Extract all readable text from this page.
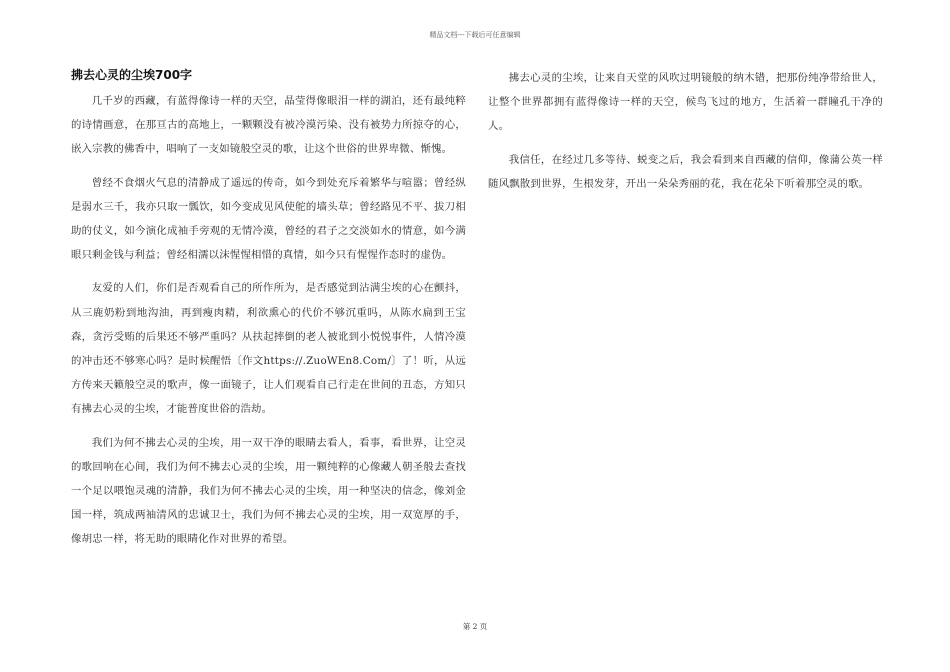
精品文档---下载后可任意编辑
拂去心灵的尘埃700字

几千岁的西藏，有蓝得像诗一样的天空，晶莹得像眼泪一样的湖泊，还有最纯粹的诗情画意，在那亘古的高地上，一颗颗没有被冷漠污染、没有被势力所掠夺的心，嵌入宗教的佛香中，唱响了一支如镜般空灵的歌，让这个世俗的世界卑微、惭愧。

曾经不食烟火气息的清静成了遥远的传奇，如今到处充斥着繁华与喧嚣；曾经纵是弱水三千，我亦只取一瓢饮，如今变成见风使舵的墙头草；曾经路见不平、拔刀相助的仗义，如今演化成袖手旁观的无情冷漠，曾经的君子之交淡如水的情意，如今满眼只剩金钱与利益；曾经相濡以沫惺惺相惜的真情，如今只有惺惺作态时的虚伪。

友爱的人们，你们是否观看自己的所作所为，是否感觉到沾满尘埃的心在颤抖，从三鹿奶粉到地沟油，再到瘦肉精，利欲熏心的代价不够沉重吗，从陈水扁到王宝森，贪污受贿的后果还不够严重吗？从扶起摔倒的老人被讹到小悦悦事件，人情冷漠的冲击还不够寒心吗？是时候醒悟〔作文https://.ZuoWEn8.Com/〕了！听，从远方传来天籁般空灵的歌声，像一面镜子，让人们观看自己行走在世间的丑态，方知只有拂去心灵的尘埃，才能普度世俗的浩劫。

我们为何不拂去心灵的尘埃，用一双干净的眼睛去看人，看事，看世界，让空灵的歌回响在心间，我们为何不拂去心灵的尘埃，用一颗纯粹的心像藏人朝圣般去查找一个足以喂饱灵魂的清静，我们为何不拂去心灵的尘埃，用一种坚决的信念，像刘金国一样，筑成两袖清风的忠诚卫士，我们为何不拂去心灵的尘埃，用一双宽厚的手，像胡忠一样，将无助的眼睛化作对世界的希望。

拂去心灵的尘埃，让来自天堂的风吹过明镜般的纳木错，把那份纯净带给世人，让整个世界都拥有蓝得像诗一样的天空，候鸟飞过的地方，生活着一群瞳孔干净的人。

我信任，在经过几多等待、蜕变之后，我会看到来自西藏的信仰，像蒲公英一样随风飘散到世界，生根发芽，开出一朵朵秀丽的花，我在花朵下听着那空灵的歌。

第 2 页
